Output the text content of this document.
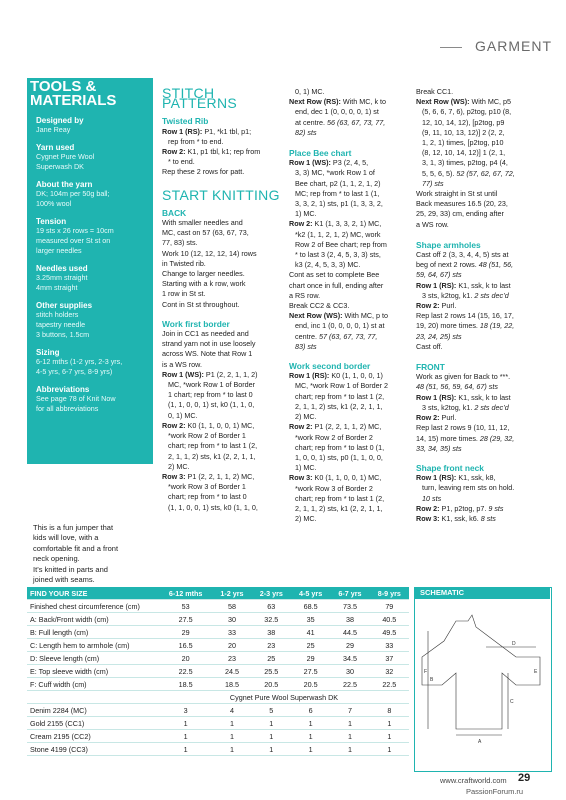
GARMENT
TOOLS &
MATERIALS
Designed by
Jane Reay
Yarn used
Cygnet Pure Wool
Superwash DK
About the yarn
DK; 104m per 50g ball;
100% wool
Tension
19 sts x 26 rows = 10cm
measured over St st on
larger needles
Needles used
3.25mm straight
4mm straight
Other supplies
stitch holders
tapestry needle
3 buttons, 1.5cm
Sizing
6-12 mths (1-2 yrs, 2-3 yrs,
4-5 yrs, 6-7 yrs, 8-9 yrs)
Abbreviations
See page 78 of Knit Now
for all abbreviations
This is a fun jumper that
kids will love, with a
comfortable fit and a front
neck opening.
It’s knitted in parts and
joined with seams.
STITCH PATTERNS

Twisted Rib

Row 1 (RS): P1, *k1 tbl, p1;
rep from * to end.
Row 2: K1, p1 tbl, k1; rep from
* to end.
Rep these 2 rows for patt.
START KNITTING

BACK

With smaller needles and
MC, cast on 57 (63, 67, 73,
77, 83) sts.
Work 10 (12, 12, 12, 14) rows
in Twisted rib.
Change to larger needles.
Starting with a k row, work
1 row in St st.
Cont in St st throughout.

Work first border

Join in CC1 as needed and
strand yarn not in use loosely
across WS. Note that Row 1
is a WS row.
Row 1 (WS): P1 (2, 2, 1, 1, 2)
MC, *work Row 1 of Border
1 chart; rep from * to last 0
(1, 1, 0, 0, 1) st, k0 (1, 1, 0,
0, 1) MC.
Row 2: K0 (1, 1, 0, 0, 1) MC,
*work Row 2 of Border 1
chart; rep from * to last 1 (2,
2, 1, 1, 2) sts, k1 (2, 2, 1, 1,
2) MC.
Row 3: P1 (2, 2, 1, 1, 2) MC,
*work Row 3 of Border 1
chart; rep from * to last 0
(1, 1, 0, 0, 1) sts, k0 (1, 1, 0,
0, 1) MC.
Next Row (RS): With MC, k to
end, dec 1 (0, 0, 0, 0, 1) st
at centre. 56 (63, 67, 73, 77,
82) sts

Place Bee chart

Row 1 (WS): P3 (2, 4, 5,
3, 3) MC, *work Row 1 of
Bee chart, p2 (1, 1, 2, 1, 2)
MC; rep from * to last 1 (1,
3, 3, 2, 1) sts, p1 (1, 3, 3, 2,
1) MC.
Row 2: K1 (1, 3, 3, 2, 1) MC,
*k2 (1, 1, 2, 1, 2) MC, work
Row 2 of Bee chart; rep from
* to last 3 (2, 4, 5, 3, 3) sts,
k3 (2, 4, 5, 3, 3) MC.
Cont as set to complete Bee
chart once in full, ending after
a RS row.
Break CC2 & CC3.
Next Row (WS): With MC, p to
end, inc 1 (0, 0, 0, 0, 1) st at
centre. 57 (63, 67, 73, 77,
83) sts

Work second border

Row 1 (RS): K0 (1, 1, 0, 0, 1)
MC, *work Row 1 of Border 2
chart; rep from * to last 1 (2,
2, 1, 1, 2) sts, k1 (2, 2, 1, 1,
2) MC.
Row 2: P1 (2, 2, 1, 1, 2) MC,
*work Row 2 of Border 2
chart; rep from * to last 0 (1,
1, 0, 0, 1) sts, p0 (1, 1, 0, 0,
1) MC.
Row 3: K0 (1, 1, 0, 0, 1) MC,
*work Row 3 of Border 2
chart; rep from * to last 1 (2,
2, 1, 1, 2) sts, k1 (2, 2, 1, 1,
2) MC.
Break CC1.
Next Row (WS): With MC, p5
(5, 6, 6, 7, 6), p2tog, p10 (8,
12, 10, 14, 12), [p2tog, p9
(9, 11, 10, 13, 12)] 2 (2, 2,
1, 2, 1) times, [p2tog, p10
(8, 12, 10, 14, 12)] 1 (2, 1,
3, 1, 3) times, p2tog, p4 (4,
5, 5, 6, 5). 52 (57, 62, 67, 72,
77) sts
Work straight in St st until
Back measures 16.5 (20, 23,
25, 29, 33) cm, ending after
a WS row.

Shape armholes

Cast off 2 (3, 3, 4, 4, 5) sts at
beg of next 2 rows. 48 (51, 56,
59, 64, 67) sts
Row 1 (RS): K1, ssk, k to last
3 sts, k2tog, k1. 2 sts dec’d
Row 2: Purl.
Rep last 2 rows 14 (15, 16, 17,
19, 20) more times. 18 (19, 22,
23, 24, 25) sts
Cast off.

FRONT

Work as given for Back to ***.
48 (51, 56, 59, 64, 67) sts
Row 1 (RS): K1, ssk, k to last
3 sts, k2tog, k1. 2 sts dec’d
Row 2: Purl.
Rep last 2 rows 9 (10, 11, 12,
14, 15) more times. 28 (29, 32,
33, 34, 35) sts

Shape front neck

Row 1 (RS): K1, ssk, k8,
turn, leaving rem sts on hold.
10 sts
Row 2: P1, p2tog, p7. 9 sts
Row 3: K1, ssk, k6. 8 sts
FIND YOUR SIZE	6-12 mths	1-2 yrs	2-3 yrs	4-5 yrs	6-7 yrs	8-9 yrs
Finished chest circumference (cm)	53	58	63	68.5	73.5	79
A: Back/Front width (cm)	27.5	30	32.5	35	38	40.5
B: Full length (cm)	29	33	38	41	44.5	49.5
C: Length hem to armhole (cm)	16.5	20	23	25	29	33
D: Sleeve length (cm)	20	23	25	29	34.5	37
E: Top sleeve width (cm)	22.5	24.5	25.5	27.5	30	32
F: Cuff width (cm)	18.5	18.5	20.5	20.5	22.5	22.5
	Cygnet Pure Wool Superwash DK					
Denim 2284 (MC)	3	4	5	6	7	8
Gold 2155 (CC1)	1	1	1	1	1	1
Cream 2195 (CC2)	1	1	1	1	1	1
Stone 4199 (CC3)	1	1	1	1	1	1
SCHEMATIC
B
A
C
D
E
F
www.craftworld.com 29
PassionForum.ru
